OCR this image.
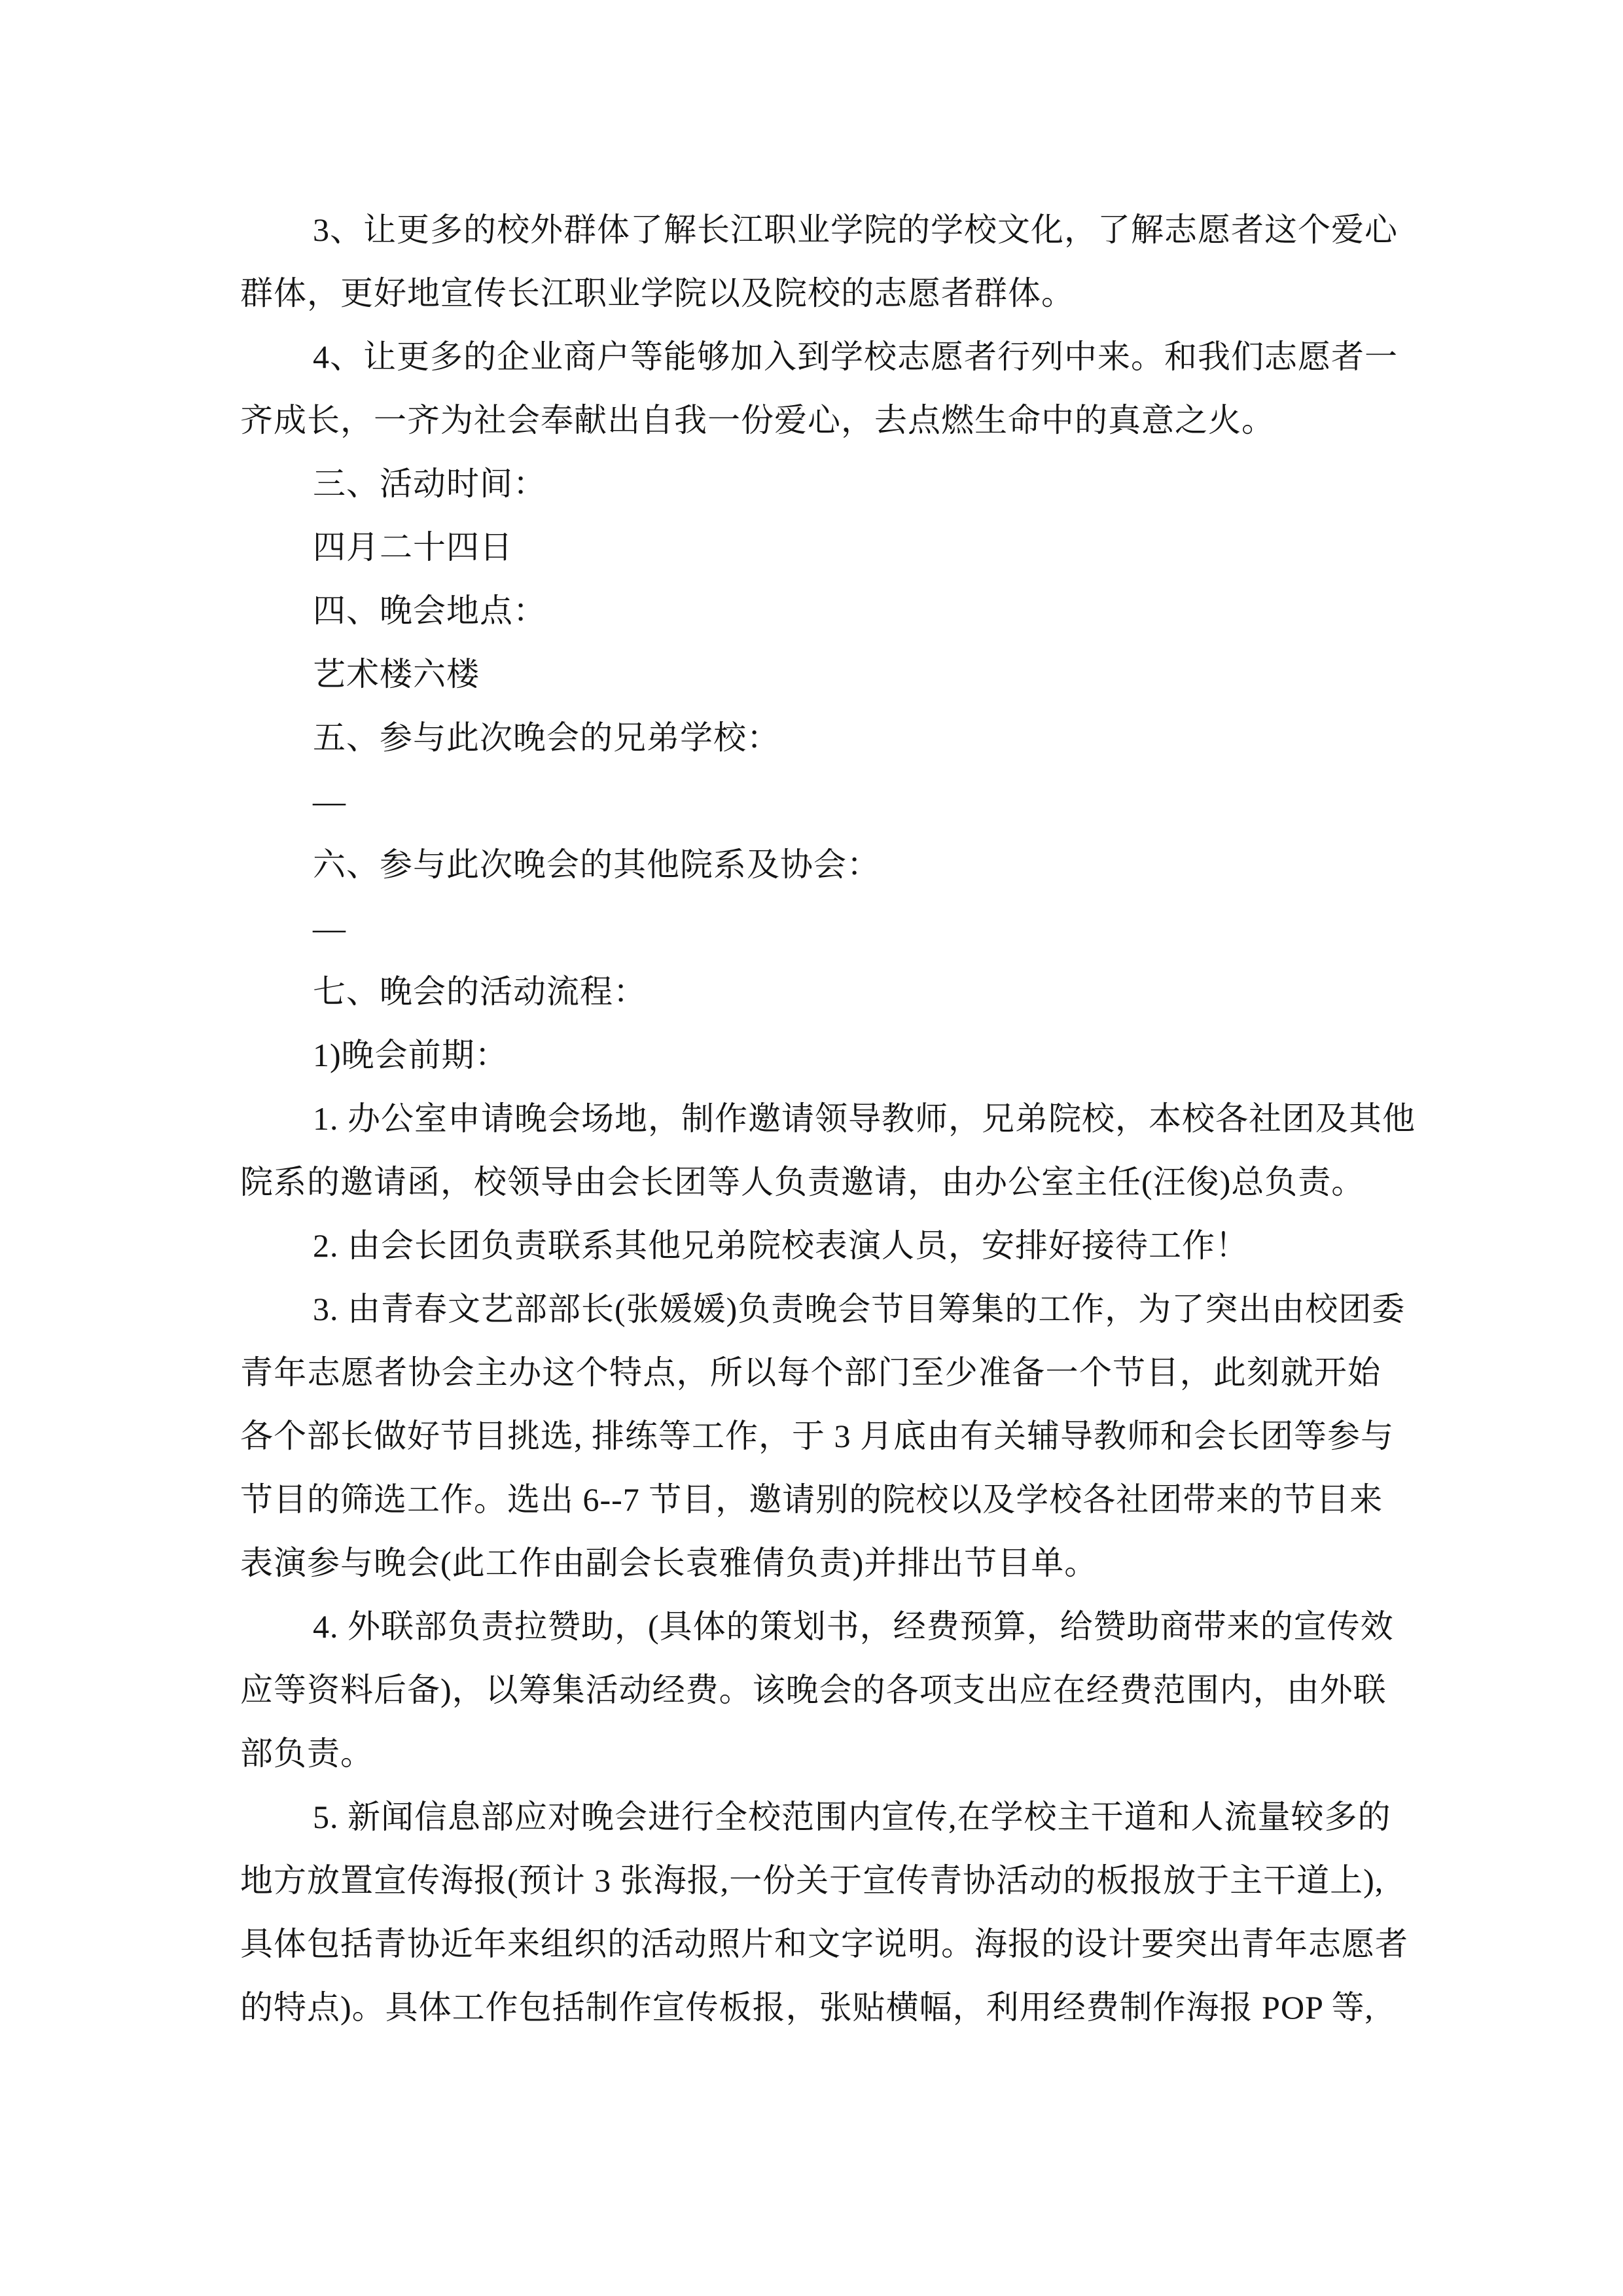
3、让更多的校外群体了解长江职业学院的学校文化，了解志愿者这个爱心
群体，更好地宣传长江职业学院以及院校的志愿者群体。
4、让更多的企业商户等能够加入到学校志愿者行列中来。和我们志愿者一
齐成长，一齐为社会奉献出自我一份爱心，去点燃生命中的真意之火。
三、活动时间：
四月二十四日
四、晚会地点：
艺术楼六楼
五、参与此次晚会的兄弟学校：
—
六、参与此次晚会的其他院系及协会：
—
七、晚会的活动流程：
1)晚会前期：
1. 办公室申请晚会场地，制作邀请领导教师，兄弟院校，本校各社团及其他
院系的邀请函，校领导由会长团等人负责邀请，由办公室主任(汪俊)总负责。
2. 由会长团负责联系其他兄弟院校表演人员，安排好接待工作！
3. 由青春文艺部部长(张媛媛)负责晚会节目筹集的工作，为了突出由校团委
青年志愿者协会主办这个特点，所以每个部门至少准备一个节目，此刻就开始
各个部长做好节目挑选, 排练等工作，于 3 月底由有关辅导教师和会长团等参与
节目的筛选工作。选出 6--7 节目，邀请别的院校以及学校各社团带来的节目来
表演参与晚会(此工作由副会长袁雅倩负责)并排出节目单。
4. 外联部负责拉赞助，(具体的策划书，经费预算，给赞助商带来的宣传效
应等资料后备)，以筹集活动经费。该晚会的各项支出应在经费范围内，由外联
部负责。
5. 新闻信息部应对晚会进行全校范围内宣传,在学校主干道和人流量较多的
地方放置宣传海报(预计 3 张海报,一份关于宣传青协活动的板报放于主干道上),
具体包括青协近年来组织的活动照片和文字说明。海报的设计要突出青年志愿者
的特点)。具体工作包括制作宣传板报，张贴横幅，利用经费制作海报 POP 等,
